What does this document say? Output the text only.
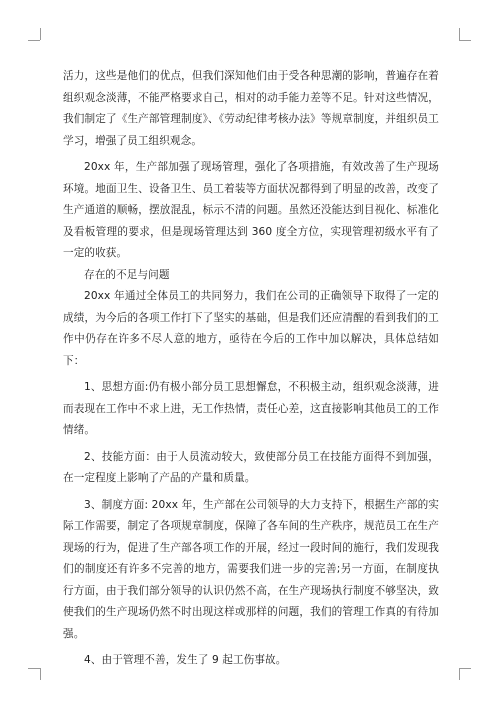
活力，这些是他们的优点，但我们深知他们由于受各种思潮的影响，普遍存在着组织观念淡薄，不能严格要求自己，相对的动手能力差等不足。针对这些情况，我们制定了《生产部管理制度》、《劳动纪律考核办法》等规章制度，并组织员工学习，增强了员工组织观念。

20xx 年，生产部加强了现场管理，强化了各项措施，有效改善了生产现场环境。地面卫生、设备卫生、员工着装等方面状况都得到了明显的改善，改变了生产通道的顺畅，摆放混乱，标示不清的问题。虽然还没能达到目视化、标准化及看板管理的要求，但是现场管理达到 360 度全方位，实现管理初级水平有了一定的收获。

存在的不足与问题

20xx 年通过全体员工的共同努力，我们在公司的正确领导下取得了一定的成绩，为今后的各项工作打下了坚实的基础，但是我们还应清醒的看到我们的工作中仍存在许多不尽人意的地方，亟待在今后的工作中加以解决，具体总结如下：

1、思想方面:仍有极小部分员工思想懈怠，不积极主动，组织观念淡薄，进而表现在工作中不求上进，无工作热情，责任心差，这直接影响其他员工的工作情绪。

2、技能方面：由于人员流动较大，致使部分员工在技能方面得不到加强，在一定程度上影响了产品的产量和质量。

3、制度方面: 20xx 年，生产部在公司领导的大力支持下，根据生产部的实际工作需要，制定了各项规章制度，保障了各车间的生产秩序，规范员工在生产现场的行为，促进了生产部各项工作的开展，经过一段时间的施行，我们发现我们的制度还有许多不完善的地方，需要我们进一步的完善;另一方面，在制度执行方面，由于我们部分领导的认识仍然不高，在生产现场执行制度不够坚决，致使我们的生产现场仍然不时出现这样或那样的问题，我们的管理工作真的有待加强。

4、由于管理不善，发生了 9 起工伤事故。
